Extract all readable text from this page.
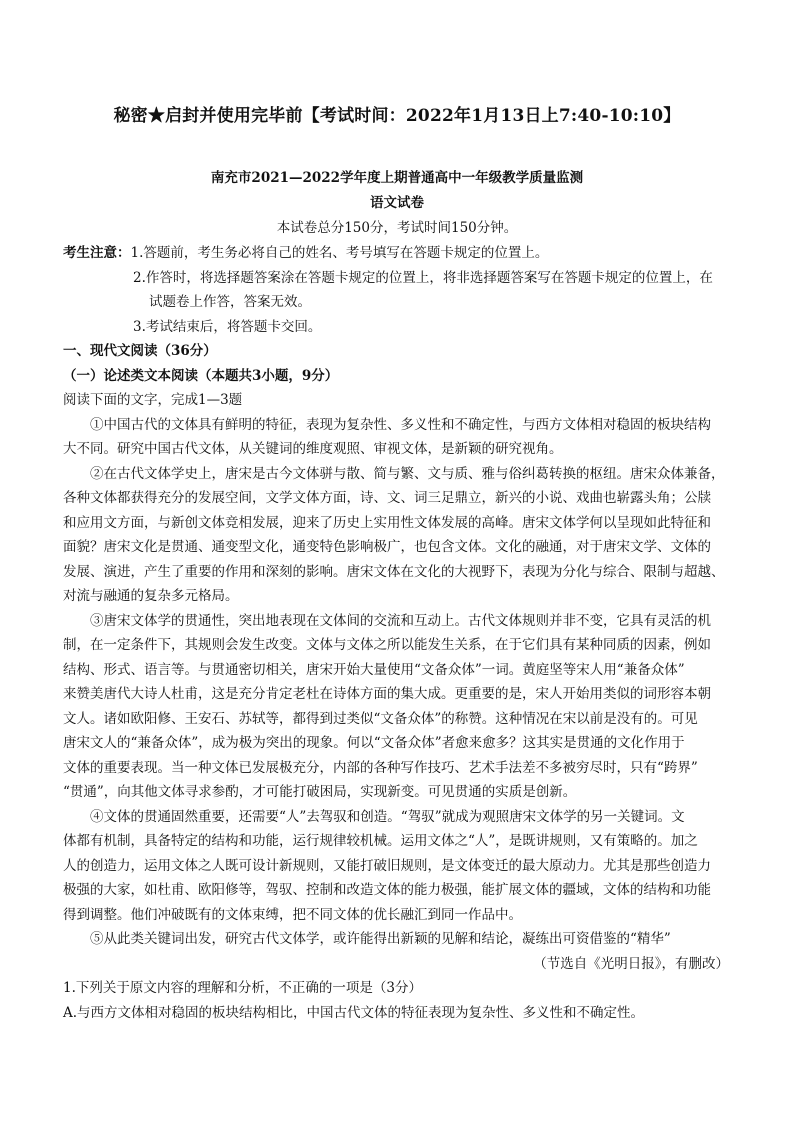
秘密★启封并使用完毕前【考试时间：2022年1月13日上7:40-10:10】
南充市2021—2022学年度上期普通高中一年级教学质量监测
语文试卷
本试卷总分150分，考试时间150分钟。
考生注意：1.答题前，考生务必将自己的姓名、考号填写在答题卡规定的位置上。
2.作答时，将选择题答案涂在答题卡规定的位置上，将非选择题答案写在答题卡规定的位置上，在
试题卷上作答，答案无效。
3.考试结束后，将答题卡交回。
一、现代文阅读（36分）
（一）论述类文本阅读（本题共3小题，9分）
阅读下面的文字，完成1—3题
①中国古代的文体具有鲜明的特征，表现为复杂性、多义性和不确定性，与西方文体相对稳固的板块结构
大不同。研究中国古代文体，从关键词的维度观照、审视文体，是新颖的研究视角。
②在古代文体学史上，唐宋是古今文体骈与散、简与繁、文与质、雅与俗纠葛转换的枢纽。唐宋众体兼备，
各种文体都获得充分的发展空间，文学文体方面，诗、文、词三足鼎立，新兴的小说、戏曲也崭露头角；公牍
和应用文方面，与新创文体竞相发展，迎来了历史上实用性文体发展的高峰。唐宋文体学何以呈现如此特征和
面貌？唐宋文化是贯通、通变型文化，通变特色影响极广，也包含文体。文化的融通，对于唐宋文学、文体的
发展、演进，产生了重要的作用和深刻的影响。唐宋文体在文化的大视野下，表现为分化与综合、限制与超越、
对流与融通的复杂多元格局。
③唐宋文体学的贯通性，突出地表现在文体间的交流和互动上。古代文体规则并非不变，它具有灵活的机
制，在一定条件下，其规则会发生改变。文体与文体之所以能发生关系，在于它们具有某种同质的因素，例如
结构、形式、语言等。与贯通密切相关，唐宋开始大量使用“文备众体”一词。黄庭坚等宋人用“兼备众体”
来赞美唐代大诗人杜甫，这是充分肯定老杜在诗体方面的集大成。更重要的是，宋人开始用类似的词形容本朝
文人。诸如欧阳修、王安石、苏轼等，都得到过类似“文备众体”的称赞。这种情况在宋以前是没有的。可见
唐宋文人的“兼备众体”，成为极为突出的现象。何以“文备众体”者愈来愈多？这其实是贯通的文化作用于
文体的重要表现。当一种文体已发展极充分，内部的各种写作技巧、艺术手法差不多被穷尽时，只有“跨界”
“贯通”，向其他文体寻求参酌，才可能打破困局，实现新变。可见贯通的实质是创新。
④文体的贯通固然重要，还需要“人”去驾驭和创造。“驾驭”就成为观照唐宋文体学的另一关键词。文
体都有机制，具备特定的结构和功能，运行规律较机械。运用文体之“人”，是既讲规则，又有策略的。加之
人的创造力，运用文体之人既可设计新规则，又能打破旧规则，是文体变迁的最大原动力。尤其是那些创造力
极强的大家，如杜甫、欧阳修等，驾驭、控制和改造文体的能力极强，能扩展文体的疆域，文体的结构和功能
得到调整。他们冲破既有的文体束缚，把不同文体的优长融汇到同一作品中。
⑤从此类关键词出发，研究古代文体学，或许能得出新颖的见解和结论，凝练出可资借鉴的“精华”
（节选自《光明日报》，有删改）
1.下列关于原文内容的理解和分析，不正确的一项是（3分）
A.与西方文体相对稳固的板块结构相比，中国古代文体的特征表现为复杂性、多义性和不确定性。
